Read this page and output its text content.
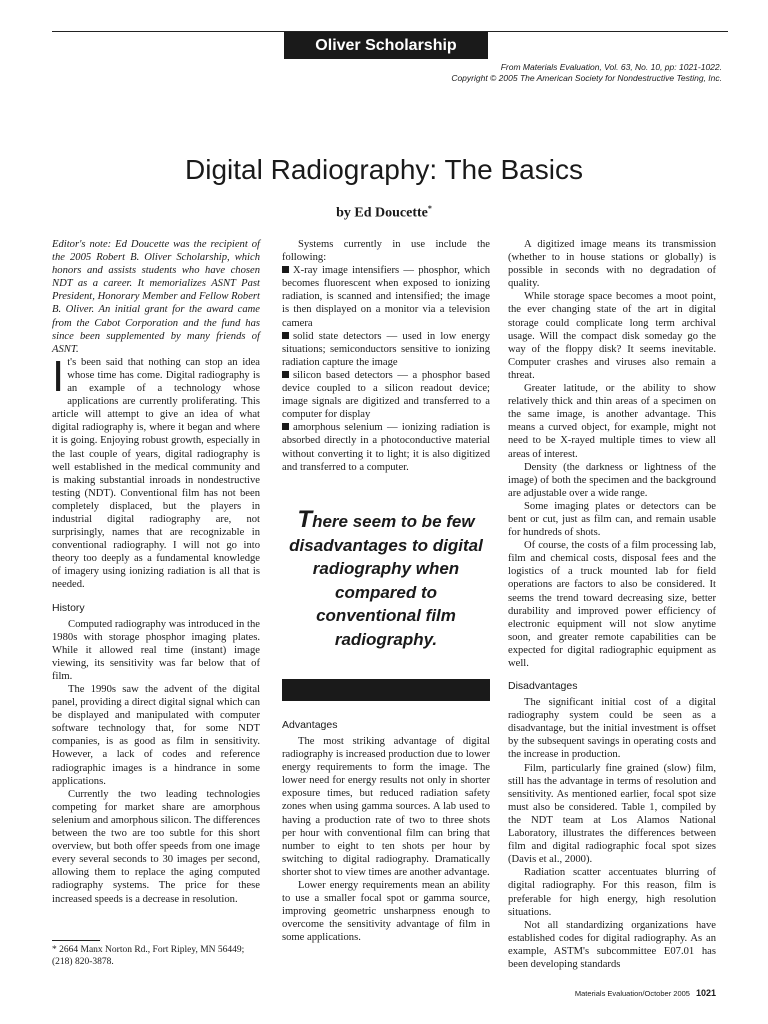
Oliver Scholarship
From Materials Evaluation, Vol. 63, No. 10, pp: 1021-1022.
Copyright © 2005 The American Society for Nondestructive Testing, Inc.
Digital Radiography: The Basics
by Ed Doucette*

Editor's note: Ed Doucette was the recipient of the 2005 Robert B. Oliver Scholarship, which honors and assists students who have chosen NDT as a career. It memorializes ASNT Past President, Honorary Member and Fellow Robert B. Oliver. An initial grant for the award came from the Cabot Corporation and the fund has since been supplemented by many friends of ASNT.

It's been said that nothing can stop an idea whose time has come. Digital radiography is an example of a technology whose applications are currently proliferating. This article will attempt to give an idea of what digital radiography is, where it began and where it is going. Enjoying robust growth, especially in the last couple of years, digital radiography is well established in the medical community and is making substantial inroads in nondestructive testing (NDT). Conventional film has not been completely displaced, but the players in industrial digital radiography are, not surprisingly, names that are recognizable in conventional radiography. I will not go into theory too deeply as a fundamental knowledge of imagery using ionizing radiation is all that is needed.

History

Computed radiography was introduced in the 1980s with storage phosphor imaging plates. While it allowed real time (instant) image viewing, its sensitivity was far below that of film.

The 1990s saw the advent of the digital panel, providing a direct digital signal which can be displayed and manipulated with computer software technology that, for some NDT companies, is as good as film in sensitivity. However, a lack of codes and reference radiographic images is a hindrance in some applications.

Currently the two leading technologies competing for market share are amorphous selenium and amorphous silicon. The differences between the two are too subtle for this short overview, but both offer speeds from one image every several seconds to 30 images per second, allowing them to replace the aging computed radiography systems. The price for these increased speeds is a decrease in resolution.

* 2664 Manx Norton Rd., Fort Ripley, MN 56449; (218) 820-3878.

Systems currently in use include the following:

X-ray image intensifiers — phosphor, which becomes fluorescent when exposed to ionizing radiation, is scanned and intensified; the image is then displayed on a monitor via a television camera

solid state detectors — used in low energy situations; semiconductors sensitive to ionizing radiation capture the image

silicon based detectors — a phosphor based device coupled to a silicon readout device; image signals are digitized and transferred to a computer for display

amorphous selenium — ionizing radiation is absorbed directly in a photoconductive material without converting it to light; it is also digitized and transferred to a computer.

There seem to be few disadvantages to digital radiography when compared to conventional film radiography.
Advantages

The most striking advantage of digital radiography is increased production due to lower energy requirements to form the image. The lower need for energy results not only in shorter exposure times, but reduced radiation safety zones when using gamma sources. A lab used to having a production rate of two to three shots per hour with conventional film can bring that number to eight to ten shots per hour by switching to digital radiography. Dramatically shorter shot to view times are another advantage.

Lower energy requirements mean an ability to use a smaller focal spot or gamma source, improving geometric unsharpness enough to overcome the sensitivity advantage of film in some applications.

A digitized image means its transmission (whether to in house stations or globally) is possible in seconds with no degradation of quality.

While storage space becomes a moot point, the ever changing state of the art in digital storage could complicate long term archival usage. Will the compact disk someday go the way of the floppy disk? It seems inevitable. Computer crashes and viruses also remain a threat.

Greater latitude, or the ability to show relatively thick and thin areas of a specimen on the same image, is another advantage. This means a curved object, for example, might not need to be X-rayed multiple times to view all areas of interest.

Density (the darkness or lightness of the image) of both the specimen and the background are adjustable over a wide range.

Some imaging plates or detectors can be bent or cut, just as film can, and remain usable for hundreds of shots.

Of course, the costs of a film processing lab, film and chemical costs, disposal fees and the logistics of a truck mounted lab for field operations are factors to also be considered. It seems the trend toward decreasing size, better durability and improved power efficiency of electronic equipment will not slow anytime soon, and greater remote capabilities can be expected for digital radiographic equipment as well.

Disadvantages

The significant initial cost of a digital radiography system could be seen as a disadvantage, but the initial investment is offset by the subsequent savings in operating costs and the increase in production.

Film, particularly fine grained (slow) film, still has the advantage in terms of resolution and sensitivity. As mentioned earlier, focal spot size must also be considered. Table 1, compiled by the NDT team at Los Alamos National Laboratory, illustrates the differences between film and digital radiographic focal spot sizes (Davis et al., 2000).

Radiation scatter accentuates blurring of digital radiography. For this reason, film is preferable for high energy, high resolution situations.

Not all standardizing organizations have established codes for digital radiography. As an example, ASTM's subcommittee E07.01 has been developing standards

Materials Evaluation/October 2005 1021
